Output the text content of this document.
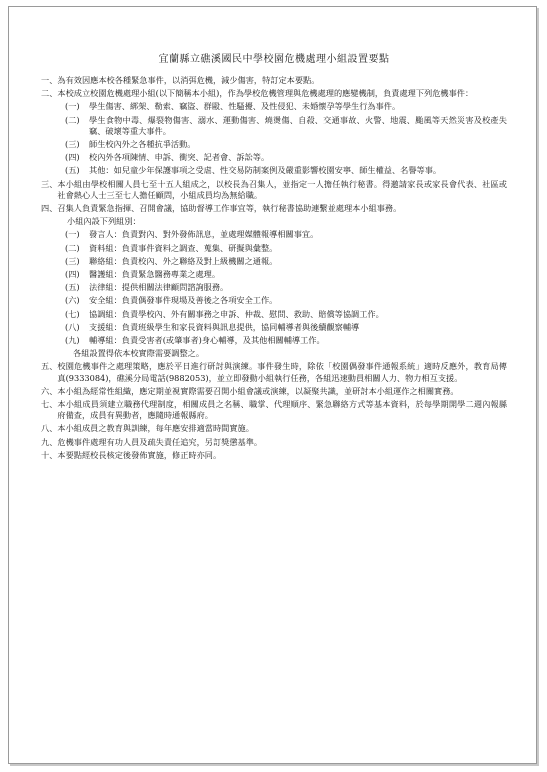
宜蘭縣立礁溪國民中學校園危機處理小組設置要點
一、 為有效因應本校各種緊急事件，以消弭危機，減少傷害，特訂定本要點。
二、 本校成立校園危機處理小組(以下簡稱本小組)，作為學校危機管理與危機處理的應變機制，負責處理下列危機事件：
(一)	學生傷害、綁架、勒索、竊盜、群毆、性騷擾、及性侵犯、未婚懷孕等學生行為事件。
(二)	學生食物中毒、爆裂物傷害、溺水、運動傷害、燒燙傷、自殺、交通事故、火警、地震、颱風等天然災害及校產失竊、破壞等重大事件。
(三)	師生校內外之各種抗爭活動。
(四)	校內外各項陳情、申訴、衝突、記者會、訴訟等。
(五)	其他：如兒童少年保護事項之受虐、性交易防制案例及嚴重影響校園安寧、師生權益、名譽等事。
三、 本小組由學校相關人員七至十五人組成之，以校長為召集人，並指定一人擔任執行秘書。得邀請家長或家長會代表、社區或社會熱心人士三至七人擔任顧問，小組成員均為無給職。
四、 召集人負責緊急指揮、召開會議，協助督導工作事宜等，執行秘書協助連繫並處理本小組事務。
小組內設下列組別：
(一)	發言人：負責對內、對外發佈訊息，並處理媒體報導相關事宜。
(二)	資料組：負責事件資料之調查、蒐集、研擬與彙整。
(三)	聯絡組：負責校內、外之聯絡及對上級機關之通報。
(四)	醫護組：負責緊急醫務專業之處理。
(五)	法律組：提供相關法律顧問諮詢服務。
(六)	安全組：負責偶發事件現場及善後之各項安全工作。
(七)	協調組：負責學校內、外有關事務之申訴、仲裁、慰問、救助、賠償等協調工作。
(八)	支援組：負責班級學生和家長資料與訊息提供，協同輔導者與後續觀察輔導
(九)	輔導組：負責受害者(或肇事者)身心輔導，及其他相關輔導工作。
各組設置得依本校實際需要調整之。
五、 校園危機事件之處理策略，應於平日進行研討與演練。事件發生時，除依「校園偶發事件通報系統」適時反應外，教育局傳真(9333084)，礁溪分局電話(9882053)，並立即發動小組執行任務，各組迅速動員相關人力、物力相互支援。
六、 本小組為經常性組織，應定期並視實際需要召開小組會議或演練，以凝聚共識，並研討本小組運作之相關實務。
七、 本小組成員須建立職務代理制度，相關成員之名稱、職掌、代理順序、緊急聯絡方式等基本資料，於每學期開學二週內報縣府備查，成員有異動者，應隨時通報縣府。
八、 本小組成員之教育與訓練，每年應安排適當時間實施。
九、 危機事件處理有功人員及疏失責任追究，另訂獎懲基準。
十、 本要點經校長核定後發佈實施，修正時亦同。
